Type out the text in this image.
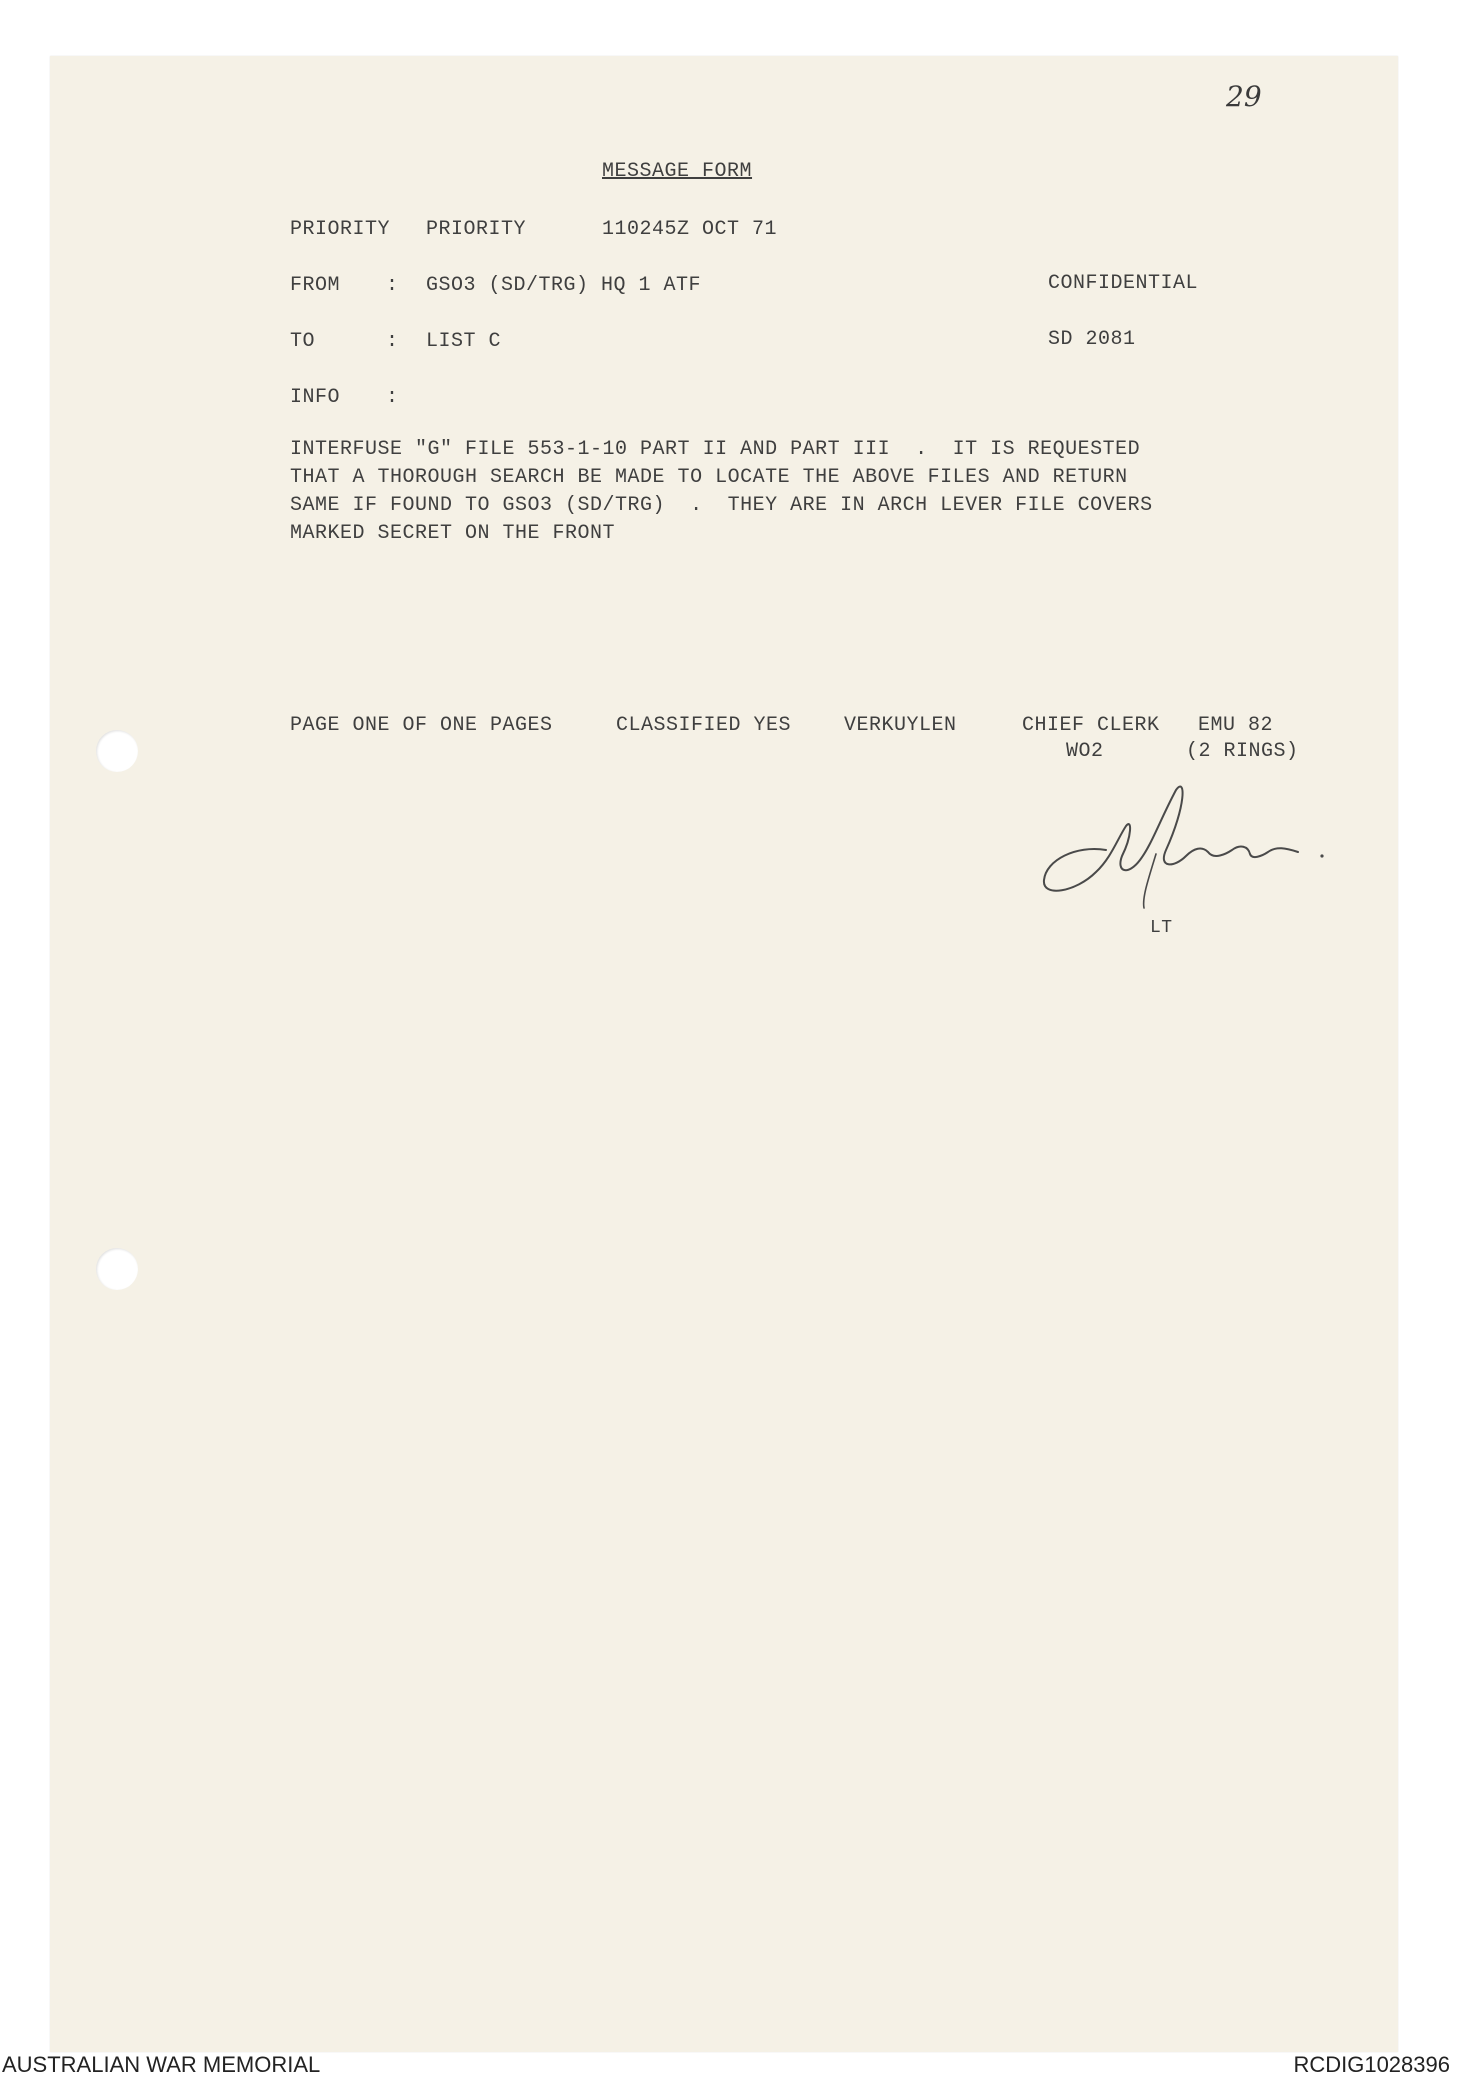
29
MESSAGE FORM
PRIORITY PRIORITY	110245Z OCT 71
FROM : GSO3 (SD/TRG) HQ 1 ATF	CONFIDENTIAL
TO	: LIST C	SD 2081
INFO :
INTERFUSE "G" FILE 553-1-10 PART II AND PART III  .  IT IS REQUESTED
THAT A THOROUGH SEARCH BE MADE TO LOCATE THE ABOVE FILES AND RETURN
SAME IF FOUND TO GSO3 (SD/TRG)  .  THEY ARE IN ARCH LEVER FILE COVERS
MARKED SECRET ON THE FRONT
PAGE ONE OF ONE PAGES	CLASSIFIED YES	VERKUYLEN	CHIEF CLERK EMU 82
WO2	(2 RINGS)
LT
AUSTRALIAN WAR MEMORIAL	RCDIG1028396
